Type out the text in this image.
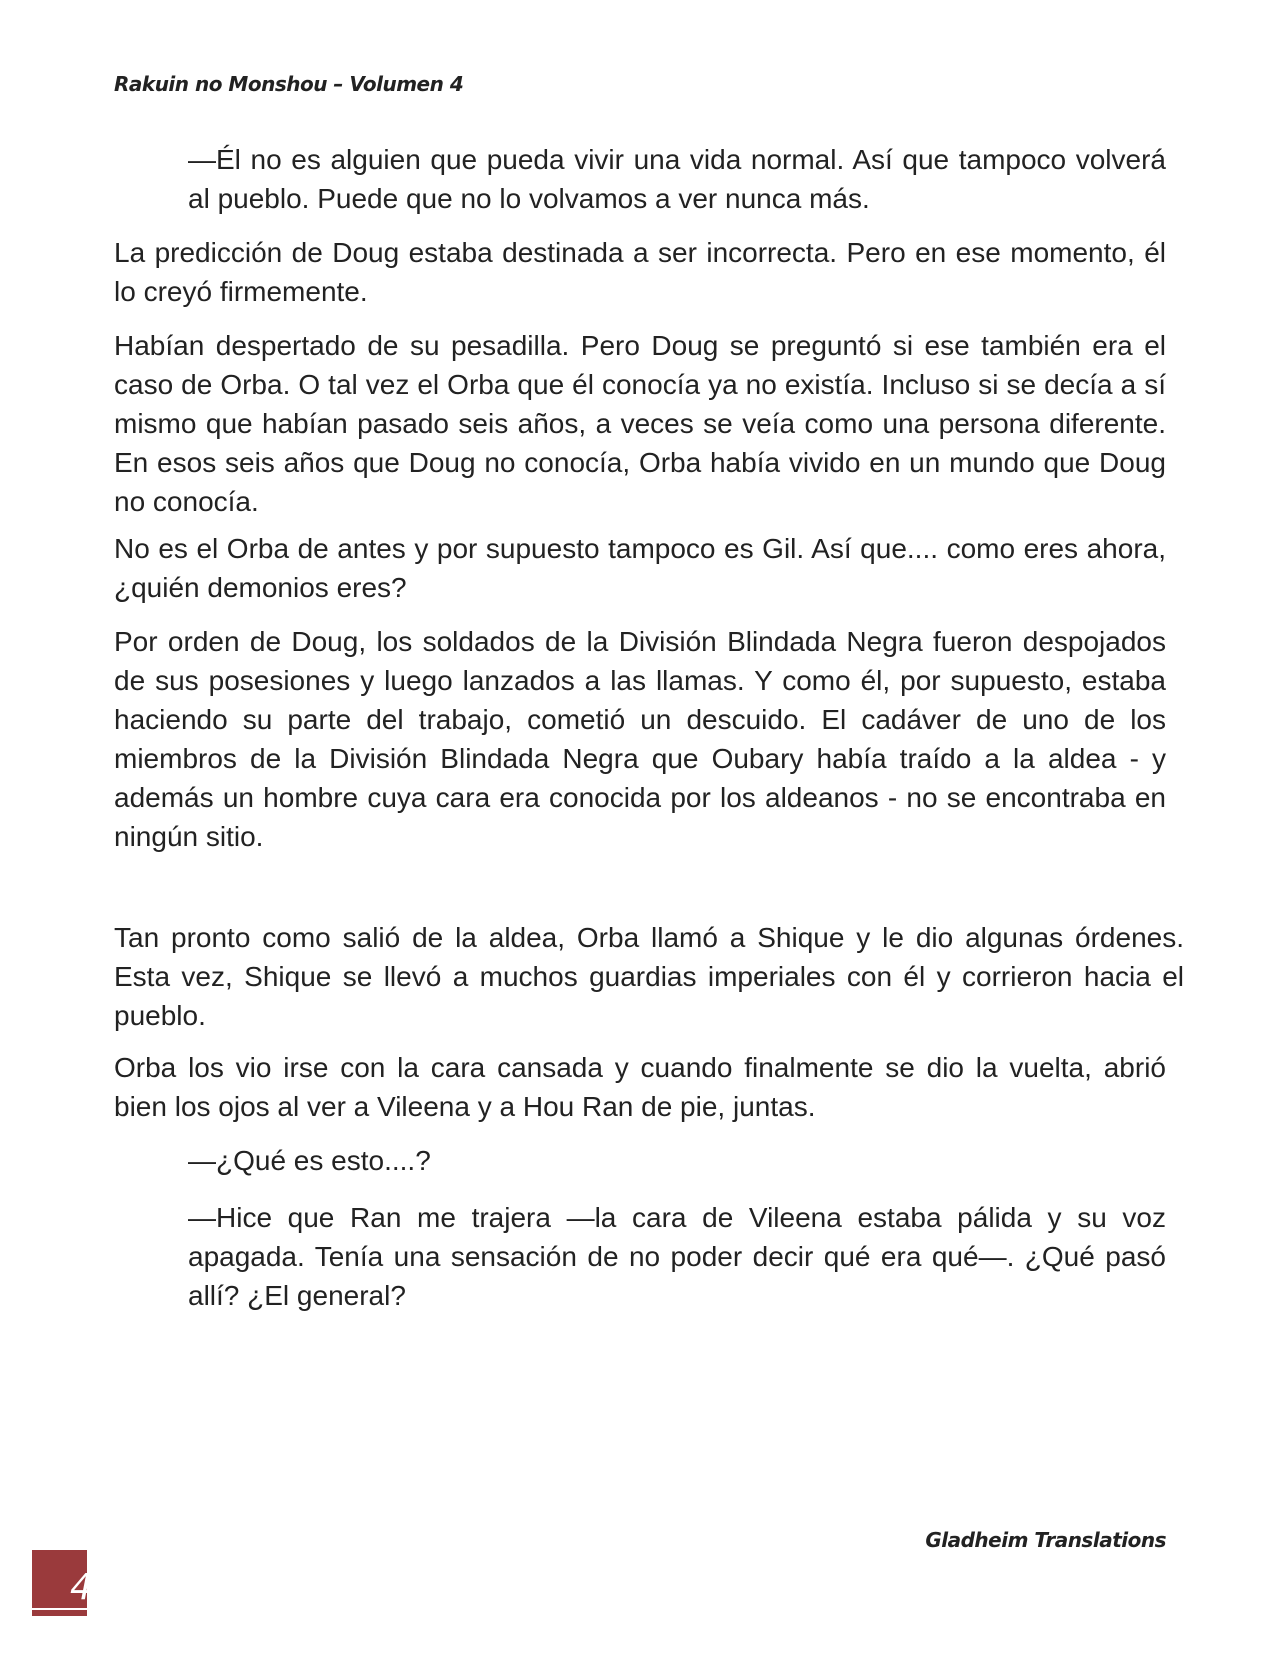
Rakuin no Monshou – Volumen 4

—Él no es alguien que pueda vivir una vida normal. Así que tampoco volverá al pueblo. Puede que no lo volvamos a ver nunca más.

La predicción de Doug estaba destinada a ser incorrecta. Pero en ese momento, él lo creyó firmemente.

Habían despertado de su pesadilla. Pero Doug se preguntó si ese también era el caso de Orba. O tal vez el Orba que él conocía ya no existía. Incluso si se decía a sí mismo que habían pasado seis años, a veces se veía como una persona diferente. En esos seis años que Doug no conocía, Orba había vivido en un mundo que Doug no conocía.

No es el Orba de antes y por supuesto tampoco es Gil. Así que.... como eres ahora, ¿quién demonios eres?

Por orden de Doug, los soldados de la División Blindada Negra fueron despojados de sus posesiones y luego lanzados a las llamas. Y como él, por supuesto, estaba haciendo su parte del trabajo, cometió un descuido. El cadáver de uno de los miembros de la División Blindada Negra que Oubary había traído a la aldea - y además un hombre cuya cara era conocida por los aldeanos - no se encontraba en ningún sitio.

Tan pronto como salió de la aldea, Orba llamó a Shique y le dio algunas órdenes. Esta vez, Shique se llevó a muchos guardias imperiales con él y corrieron hacia el pueblo.

Orba los vio irse con la cara cansada y cuando finalmente se dio la vuelta, abrió bien los ojos al ver a Vileena y a Hou Ran de pie, juntas.

—¿Qué es esto....?

—Hice que Ran me trajera —la cara de Vileena estaba pálida y su voz apagada. Tenía una sensación de no poder decir qué era qué—. ¿Qué pasó allí? ¿El general?

Gladheim Translations
4
